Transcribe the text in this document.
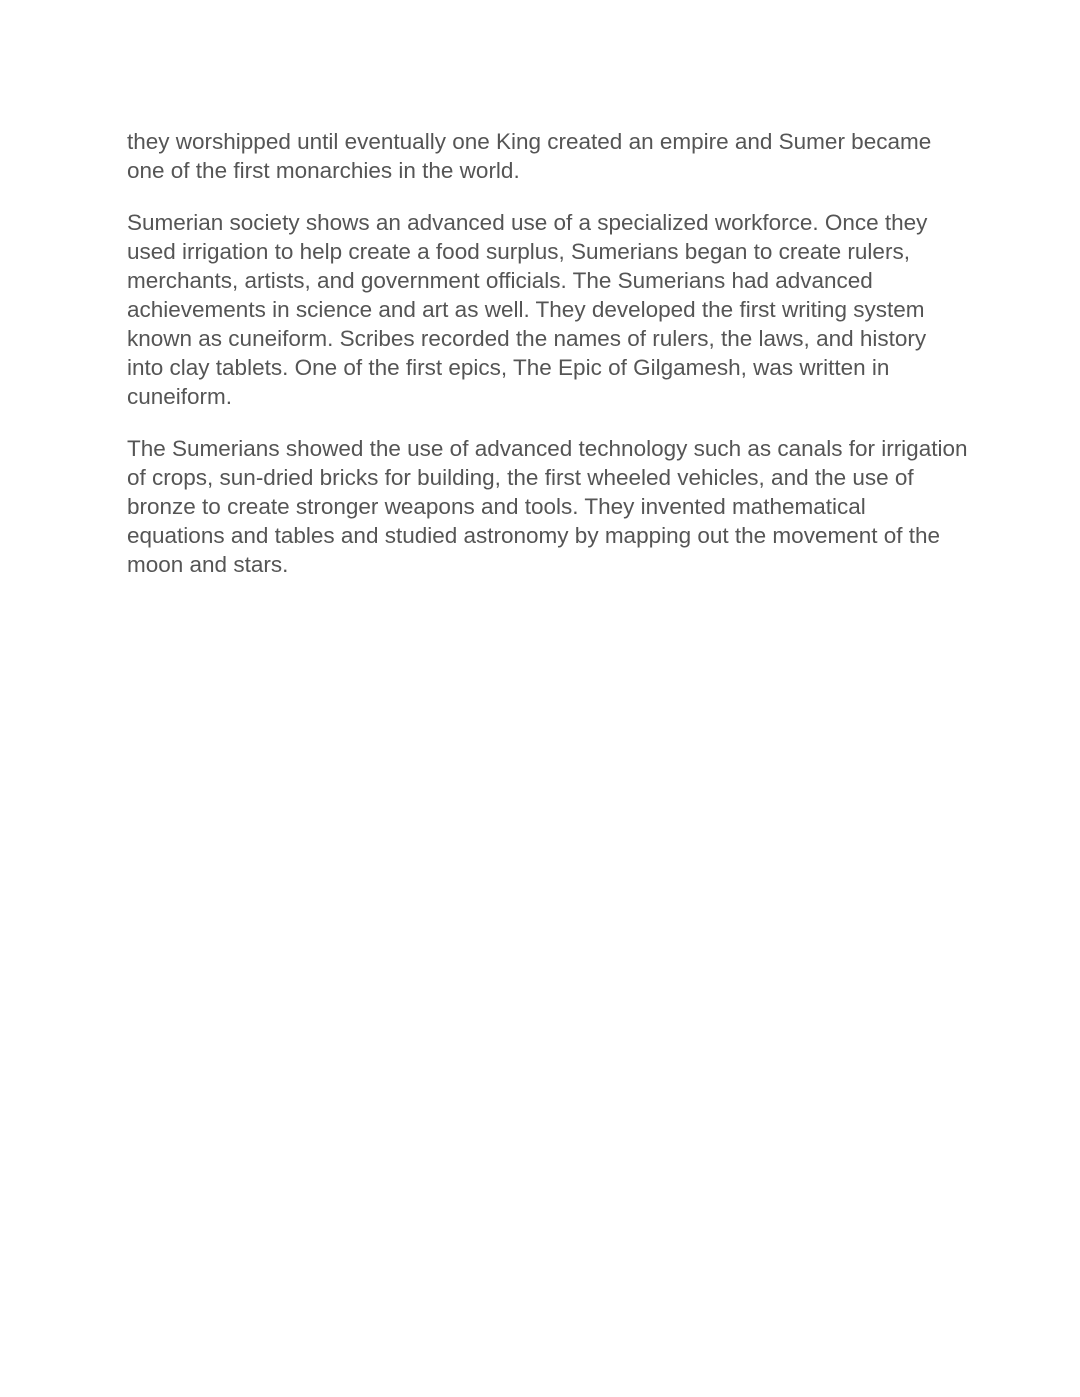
they worshipped until eventually one King created an empire and Sumer became
one of the first monarchies in the world.

Sumerian society shows an advanced use of a specialized workforce. Once they
used irrigation to help create a food surplus, Sumerians began to create rulers,
merchants, artists, and government officials. The Sumerians had advanced
achievements in science and art as well. They developed the first writing system
known as cuneiform. Scribes recorded the names of rulers, the laws, and history
into clay tablets. One of the first epics, The Epic of Gilgamesh, was written in
cuneiform.

The Sumerians showed the use of advanced technology such as canals for irrigation
of crops, sun-dried bricks for building, the first wheeled vehicles, and the use of
bronze to create stronger weapons and tools. They invented mathematical
equations and tables and studied astronomy by mapping out the movement of the
moon and stars.
